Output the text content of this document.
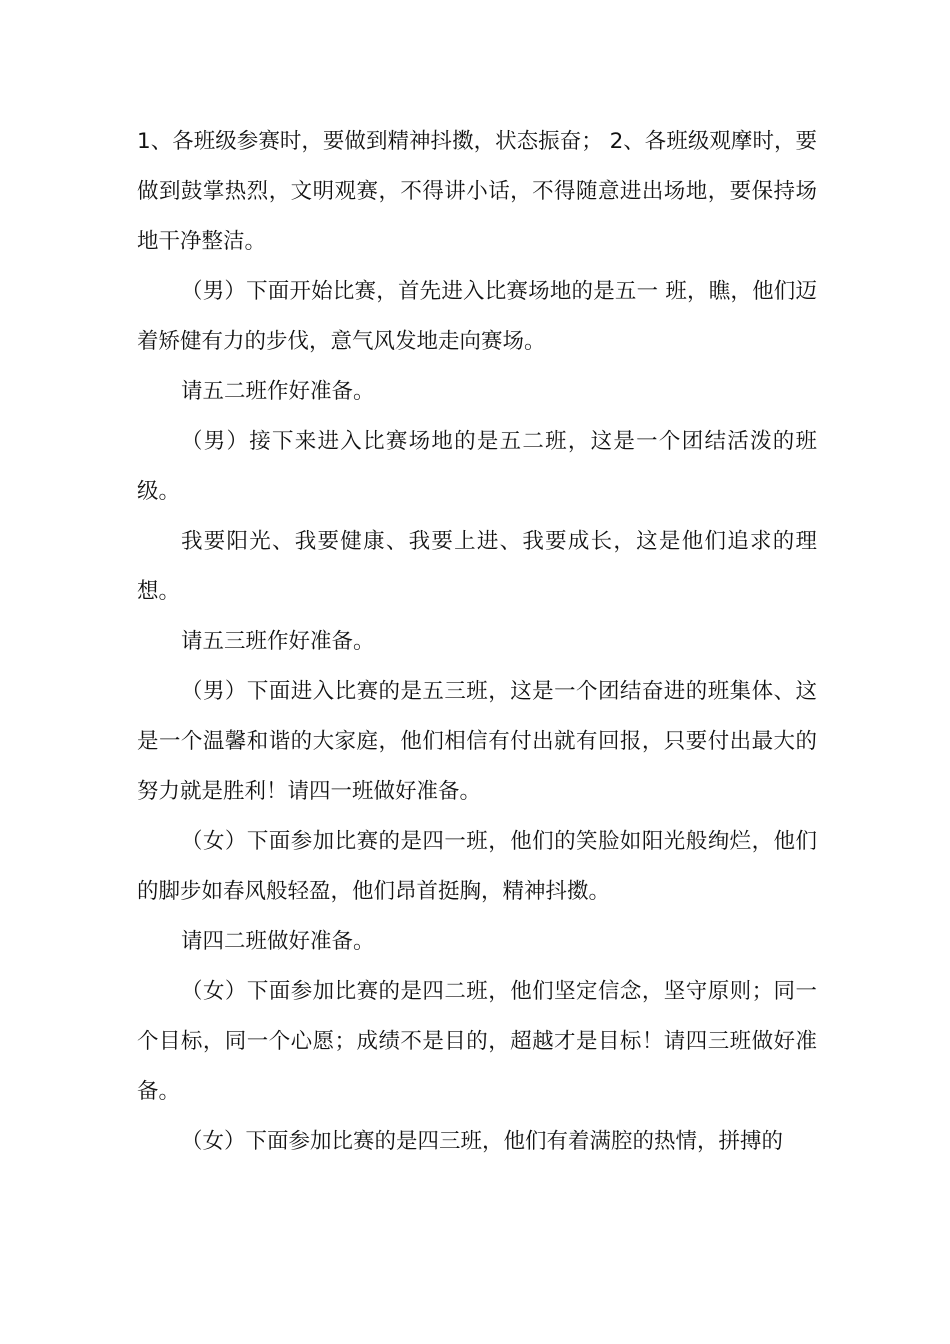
1、各班级参赛时，要做到精神抖擞，状态振奋； 2、各班级观摩时，要做到鼓掌热烈，文明观赛，不得讲小话，不得随意进出场地，要保持场地干净整洁。

（男）下面开始比赛，首先进入比赛场地的是五一 班，瞧，他们迈着矫健有力的步伐，意气风发地走向赛场。

请五二班作好准备。

（男）接下来进入比赛场地的是五二班，这是一个团结活泼的班级。

我要阳光、我要健康、我要上进、我要成长，这是他们追求的理想。

请五三班作好准备。

（男）下面进入比赛的是五三班，这是一个团结奋进的班集体、这是一个温馨和谐的大家庭，他们相信有付出就有回报，只要付出最大的努力就是胜利！请四一班做好准备。

（女）下面参加比赛的是四一班，他们的笑脸如阳光般绚烂，他们的脚步如春风般轻盈，他们昂首挺胸，精神抖擞。

请四二班做好准备。

（女）下面参加比赛的是四二班，他们坚定信念，坚守原则；同一个目标，同一个心愿；成绩不是目的，超越才是目标！请四三班做好准备。

（女）下面参加比赛的是四三班，他们有着满腔的热情，拼搏的
